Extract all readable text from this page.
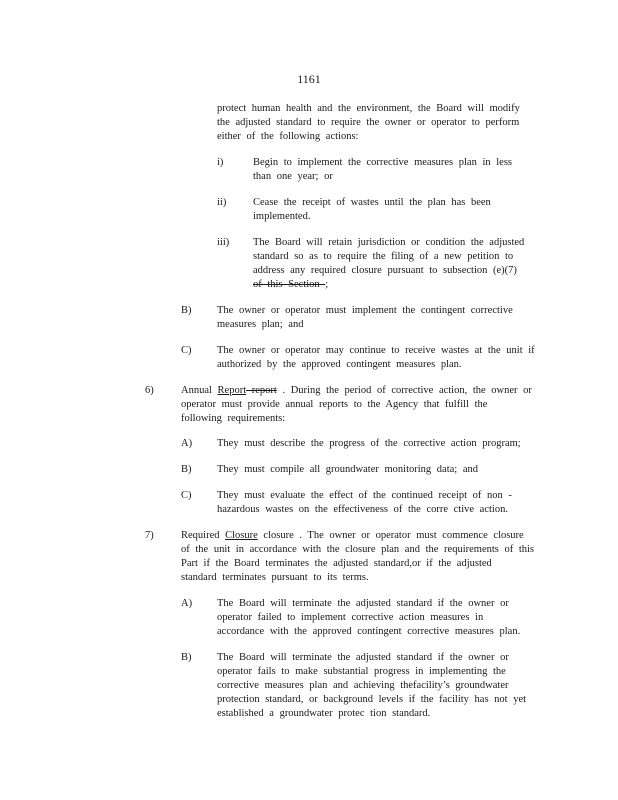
1161
protect human health and the environment, the Board will modify
the adjusted standard to require the owner or operator to perform
either of the following actions:
i)	Begin to implement the corrective measures plan in less
than one year; or
ii)	Cease the receipt of wastes until the plan has been
implemented.
iii) The Board will retain jurisdiction or condition the adjusted
standard so as to require the filing of a new petition to
address any required closure pursuant to subsection (e)(7)
of this Section ;
B) The owner or operator must implement the contingent corrective
measures plan; and
C) The owner or operator may continue to receive wastes at the unit if
authorized by the approved contingent measures plan.
6)	Annual Report report . During the period of corrective action, the owner or
operator must provide annual reports to the Agency that fulfill the
following requirements:
A) They must describe the progress of the corrective action program;
B) They must compile all groundwater monitoring data; and
C) They must evaluate the effect of the continued receipt of non -
hazardous wastes on the effectiveness of the corre ctive action.
7)	Required Closure closure . The owner or operator must commence closure
of the unit in accordance with the closure plan and the requirements of this
Part if the Board terminates the adjusted standard,or if the adjusted
standard terminates pursuant to its terms.
A) The Board will terminate the adjusted standard if the owner or
operator failed to implement corrective action measures in
accordance with the approved contingent corrective measures plan.
B) The Board will terminate the adjusted standard if the owner or
operator fails to make substantial progress in implementing the
corrective measures plan and achieving thefacility’s groundwater
protection standard, or background levels if the facility has not yet
established a groundwater protec tion standard.
